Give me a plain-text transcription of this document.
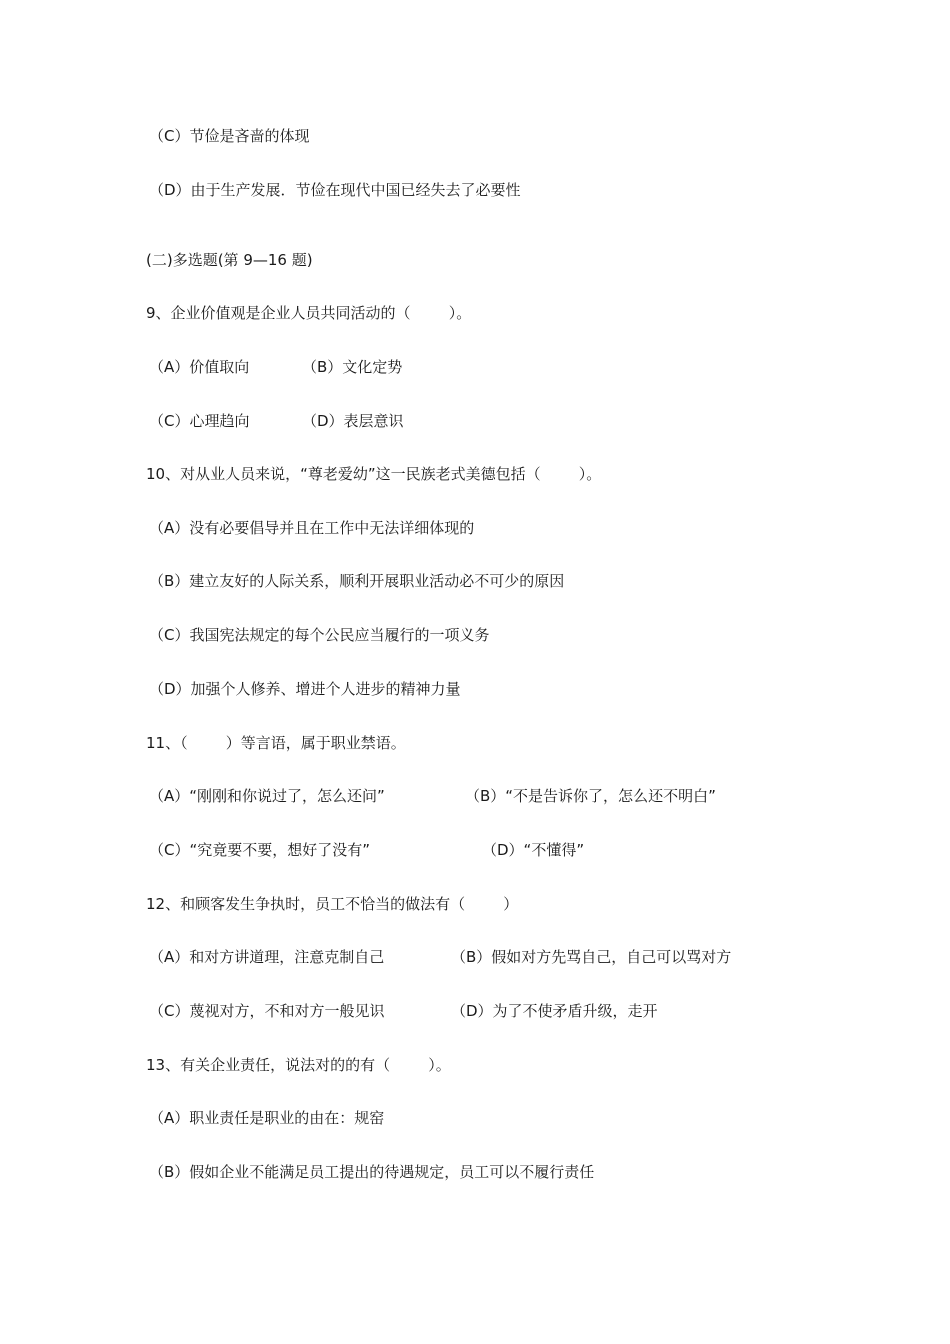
（C）节俭是吝啬的体现
（D）由于生产发展．节俭在现代中国已经失去了必要性
(二)多选题(第 9—16 题)
9、企业价值观是企业人员共同活动的（        ）。
（A）价值取向	（B）文化定势
（C）心理趋向	（D）表层意识
10、对从业人员来说，“尊老爱幼”这一民族老式美德包括（        ）。
（A）没有必要倡导并且在工作中无法详细体现的
（B）建立友好的人际关系，顺利开展职业活动必不可少的原因
（C）我国宪法规定的每个公民应当履行的一项义务
（D）加强个人修养、增进个人进步的精神力量
11、（        ）等言语，属于职业禁语。
（A）“刚刚和你说过了，怎么还问”	（B）“不是告诉你了，怎么还不明白”
（C）“究竟要不要，想好了没有”	（D）“不懂得”
12、和顾客发生争执时，员工不恰当的做法有（        ）
（A）和对方讲道理，注意克制自己	（B）假如对方先骂自己，自己可以骂对方
（C）蔑视对方，不和对方一般见识	（D）为了不使矛盾升级，走开
13、有关企业责任，说法对的的有（        ）。
（A）职业责任是职业的由在：规窑
（B）假如企业不能满足员工提出的待遇规定，员工可以不履行责任
